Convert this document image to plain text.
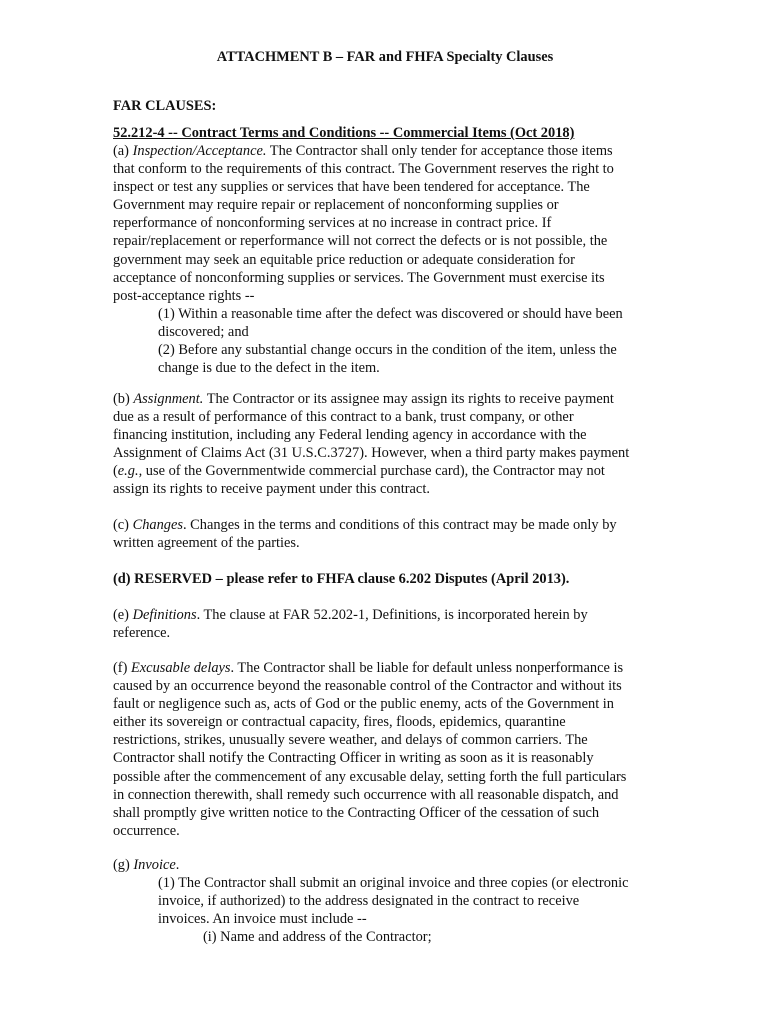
ATTACHMENT B – FAR and FHFA Specialty Clauses
FAR CLAUSES:
52.212-4 -- Contract Terms and Conditions -- Commercial Items (Oct 2018)

(a) Inspection/Acceptance. The Contractor shall only tender for acceptance those items

that conform to the requirements of this contract. The Government reserves the right to

inspect or test any supplies or services that have been tendered for acceptance. The

Government may require repair or replacement of nonconforming supplies or

reperformance of nonconforming services at no increase in contract price. If

repair/replacement or reperformance will not correct the defects or is not possible, the

government may seek an equitable price reduction or adequate consideration for

acceptance of nonconforming supplies or services. The Government must exercise its

post-acceptance rights --

(1) Within a reasonable time after the defect was discovered or should have been

discovered; and

(2) Before any substantial change occurs in the condition of the item, unless the

change is due to the defect in the item.

(b) Assignment. The Contractor or its assignee may assign its rights to receive payment

due as a result of performance of this contract to a bank, trust company, or other

financing institution, including any Federal lending agency in accordance with the

Assignment of Claims Act (31 U.S.C.3727). However, when a third party makes payment

(e.g., use of the Governmentwide commercial purchase card), the Contractor may not

assign its rights to receive payment under this contract.

(c) Changes. Changes in the terms and conditions of this contract may be made only by

written agreement of the parties.

(d) RESERVED – please refer to FHFA clause 6.202 Disputes (April 2013).

(e) Definitions. The clause at FAR 52.202-1, Definitions, is incorporated herein by

reference.

(f) Excusable delays. The Contractor shall be liable for default unless nonperformance is

caused by an occurrence beyond the reasonable control of the Contractor and without its

fault or negligence such as, acts of God or the public enemy, acts of the Government in

either its sovereign or contractual capacity, fires, floods, epidemics, quarantine

restrictions, strikes, unusually severe weather, and delays of common carriers. The

Contractor shall notify the Contracting Officer in writing as soon as it is reasonably

possible after the commencement of any excusable delay, setting forth the full particulars

in connection therewith, shall remedy such occurrence with all reasonable dispatch, and

shall promptly give written notice to the Contracting Officer of the cessation of such

occurrence.

(g) Invoice.

(1) The Contractor shall submit an original invoice and three copies (or electronic

invoice, if authorized) to the address designated in the contract to receive

invoices. An invoice must include --

(i) Name and address of the Contractor;
